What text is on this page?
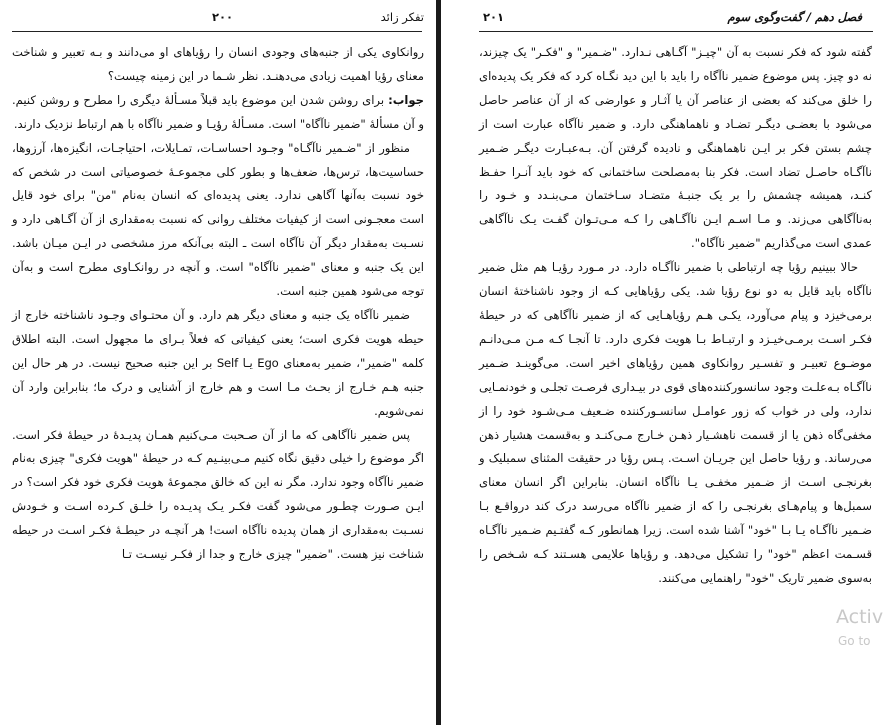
تفکر زائد
۲۰۰

روانکاوی یکی از جنبه‌های وجودی انسان را رؤیاهای او می‌دانند و بـه تعبیر و شناخت معنای رؤیا اهمیت زیادی می‌دهنـد. نظر شـما در این زمینه چیست؟

جواب: برای روشن شدن این موضوع باید قبلاً مسـألهٔ دیگری را مطرح و روشن کنیم. و آن مسألهٔ "ضمیر ناآگاه" است. مسـألهٔ رؤیـا و ضمیر ناآگاه با هم ارتباط نزدیک دارند.

منظور از "ضـمیر ناآگـاه" وجـود احساسـات، تمـایلات، احتیاجـات، انگیزه‌ها، آرزوها، حساسیت‌ها، ترس‌ها، ضعف‌ها و بطور کلی مجموعـهٔ خصوصیاتی است در شخص که خود نسبت به‌آنها آگاهی ندارد. یعنی پدیده‌ای که انسان به‌نام "من" برای خود قایل است معجـونی است از کیفیات مختلف روانی که نسبت به‌مقداری از آن آگـاهی دارد و نسـبت به‌مقدار دیگر آن ناآگاه است ـ البته بی‌آنکه مرز مشخصی در ایـن میـان باشد. این یک جنبه و معنای "ضمیر ناآگاه" است. و آنچه در روانکـاوی مطرح است و به‌آن توجه می‌شود همین جنبه است.

ضمیر ناآگاه یک جنبه و معنای دیگر هم دارد. و آن محتـوای وجـود ناشناخته خارج از حیطه هویت فکری است؛ یعنی کیفیاتی که فعلاً بـرای ما مجهول است. البته اطلاق کلمه "ضمیر"، ضمیر به‌معنای Ego یـا Self بر این جنبه صحیح نیست. در هر حال این جنبه هـم خـارج از بحـث مـا است و هم خارج از آشنایی و درک ما؛ بنابراین وارد آن نمی‌شویم.

پس ضمیر ناآگاهی که ما از آن صـحبت مـی‌کنیم همـان پدیـدهٔ در حیطهٔ فکر است. اگر موضوع را خیلی دقیق نگاه کنیم مـی‌بینـیم کـه در حیطهٔ "هویت فکری" چیزی به‌نام ضمیر ناآگاه وجود ندارد. مگر نه این که خالق مجموعهٔ هویت فکری خود فکر است؟ در ایـن صـورت چطـور می‌شود گفت فکـر یـک پدیـده را خلـق کـرده اسـت و خـودش نسـبت به‌مقداری از همان پدیده ناآگاه است! هر آنچـه در حیطـهٔ فکـر اسـت در حیطه شناخت نیز هست. "ضمیر" چیزی خارج و جدا از فکـر نیسـت تـا

فصل دهم / گفت‌وگوی سوم
۲۰۱

گفته شود که فکر نسبت به آن "چیـز" آگـاهی نـدارد. "ضـمیر" و "فکـر" یک چیزند، نه دو چیز. پس موضوع ضمیر ناآگاه را باید با این دید نگـاه کرد که فکر یک پدیده‌ای را خلق می‌کند که بعضی از عناصر آن یا آثـار و عوارضی که از آن عناصر حاصل می‌شود با بعضـی دیگـر تضـاد و ناهماهنگی دارد. و ضمیر ناآگاه عبارت است از چشم بستن فکر بر ایـن ناهماهنگی و نادیده گرفتن آن. بـه‌عبـارت دیگـر ضـمیر ناآگـاه حاصـل تضاد است. فکر بنا به‌مصلحت ساختمانی که خود باید آنـرا حفـظ کنـد، همیشه چشمش را بر یک جنبـهٔ متضـاد سـاختمان مـی‌بنـدد و خـود را به‌ناآگاهی می‌زند. و مـا اسـم ایـن ناآگـاهی را کـه مـی‌تـوان گفـت یـک ناآگاهی عمدی است می‌گذاریم "ضمیر ناآگاه".

حالا ببینیم رؤیا چه ارتباطی با ضمیر ناآگـاه دارد. در مـورد رؤیـا هم مثل ضمیر ناآگاه باید قایل به دو نوع رؤیا شد. یکی رؤیاهایی کـه از وجود ناشناختهٔ انسان برمی‌خیزد و پیام می‌آورد، یکـی هـم رؤیاهـایی که از ضمیر ناآگاهی که در حیطهٔ فکـر اسـت برمـی‌خیـزد و ارتبـاط بـا هویت فکری دارد. تا آنجـا کـه مـن مـی‌دانـم موضـوع تعبیـر و تفسـیر روانکاوی همین رؤیاهای اخیر است. می‌گوینـد ضـمیر ناآگـاه بـه‌علـت وجود سانسورکننده‌های قوی در بیـداری فرصـت تجلـی و خودنمـایی ندارد، ولی در خواب که زور عوامـل سانسـورکننده ضـعیف مـی‌شـود خود را از مخفی‌گاه ذهن یا از قسمت ناهشـیار ذهـن خـارج مـی‌کنـد و به‌قسمت هشیار ذهن می‌رساند. و رؤیا حاصل این جریـان اسـت. پـس رؤیا در حقیقت المثنای سمبلیک و بغرنجـی اسـت از ضـمیر مخفـی یـا ناآگاه انسان. بنابراین اگر انسان معنای سمبل‌ها و پیام‌هـای بغرنجـی را که از ضمیر ناآگاه می‌رسد درک کند درواقـع بـا ضـمیر ناآگـاه یـا بـا "خود" آشنا شده است. زیرا همانطور کـه گفتـیم ضـمیر ناآگـاه قسـمت اعظم "خود" را تشکیل می‌دهد. و رؤیاها علایمی هسـتند کـه شـخص را به‌سوی ضمیر تاریک "خود" راهنمایی می‌کنند.

Activ
Go to
